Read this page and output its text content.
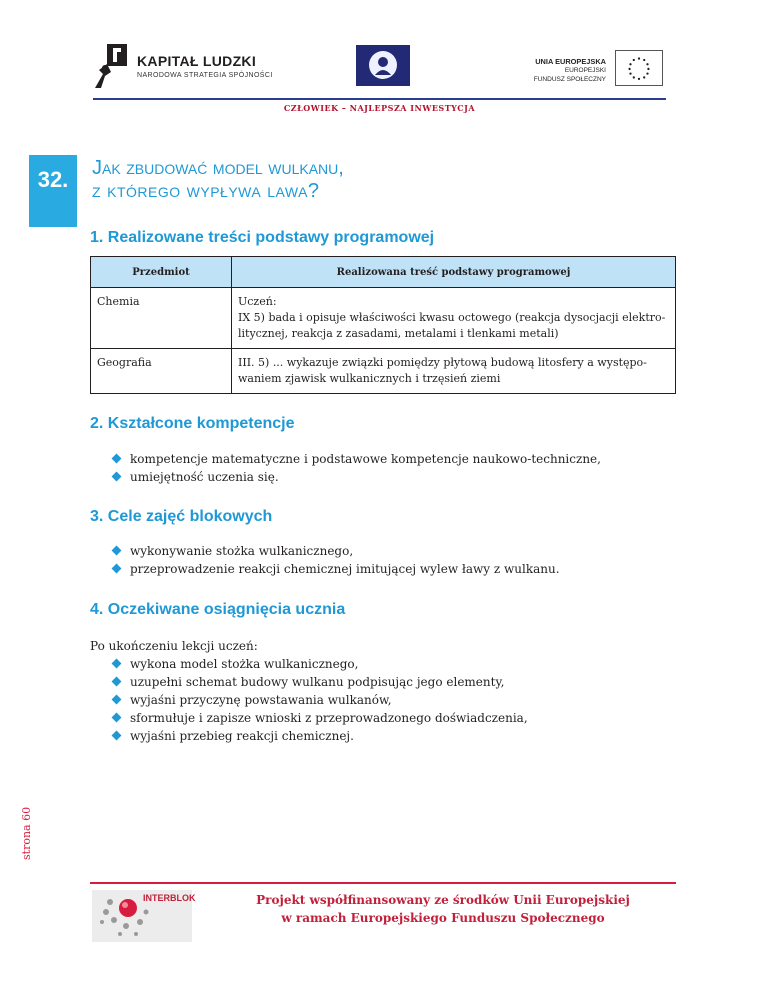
KAPITAŁ LUDZKI
NARODOWA STRATEGIA SPÓJNOŚCI
UNIA EUROPEJSKA
EUROPEJSKI
FUNDUSZ SPOŁECZNY
CZŁOWIEK – NAJLEPSZA INWESTYCJA
32.	Jak zbudować model wulkanu,
z którego wypływa lawa?
1. Realizowane treści podstawy programowej
Przedmiot	Realizowana treść podstawy programowej
Chemia	Uczeń:
IX 5) bada i opisuje właściwości kwasu octowego (reakcja dysocjacji elektro-
litycznej, reakcja z zasadami, metalami i tlenkami metali)

Geografia	III. 5) ... wykazuje związki pomiędzy płytową budową litosfery a występo-
waniem zjawisk wulkanicznych i trzęsień ziemi
2. Kształcone kompetencje
kompetencje matematyczne i podstawowe kompetencje naukowo-techniczne,
umiejętność uczenia się.
3. Cele zajęć blokowych
wykonywanie stożka wulkanicznego,
przeprowadzenie reakcji chemicznej imitującej wylew ławy z wulkanu.
4. Oczekiwane osiągnięcia ucznia
Po ukończeniu lekcji uczeń:
wykona model stożka wulkanicznego,
uzupełni schemat budowy wulkanu podpisując jego elementy,
wyjaśni przyczynę powstawania wulkanów,
sformułuje i zapisze wnioski z przeprowadzonego doświadczenia,
wyjaśni przebieg reakcji chemicznej.
strona 60
INTERBLOK	Projekt współfinansowany ze środków Unii Europejskiej
w ramach Europejskiego Funduszu Społecznego
